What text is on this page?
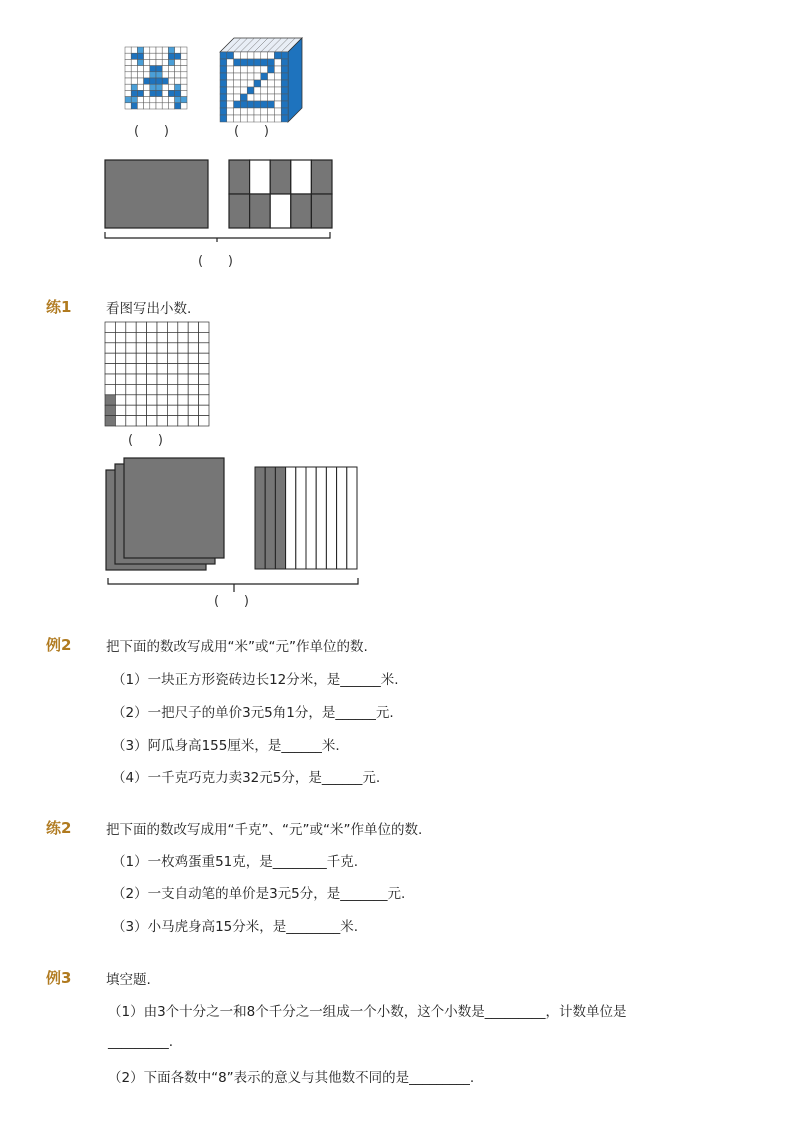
(      )	(      )
(      )
练1	看图写出小数.
(      )
(      )
例2	把下面的数改写成用“米”或“元”作单位的数.
（1）一块正方形瓷砖边长12分米，是______米.
（2）一把尺子的单价3元5角1分，是______元.
（3）阿瓜身高155厘米，是______米.
（4）一千克巧克力卖32元5分，是______元.
练2	把下面的数改写成用“千克”、“元”或“米”作单位的数.
（1）一枚鸡蛋重51克，是________千克.
（2）一支自动笔的单价是3元5分，是_______元.
（3）小马虎身高15分米，是________米.
例3	填空题.
（1）由3个十分之一和8个千分之一组成一个小数，这个小数是_________，计数单位是
_________.
（2）下面各数中“8”表示的意义与其他数不同的是_________.
